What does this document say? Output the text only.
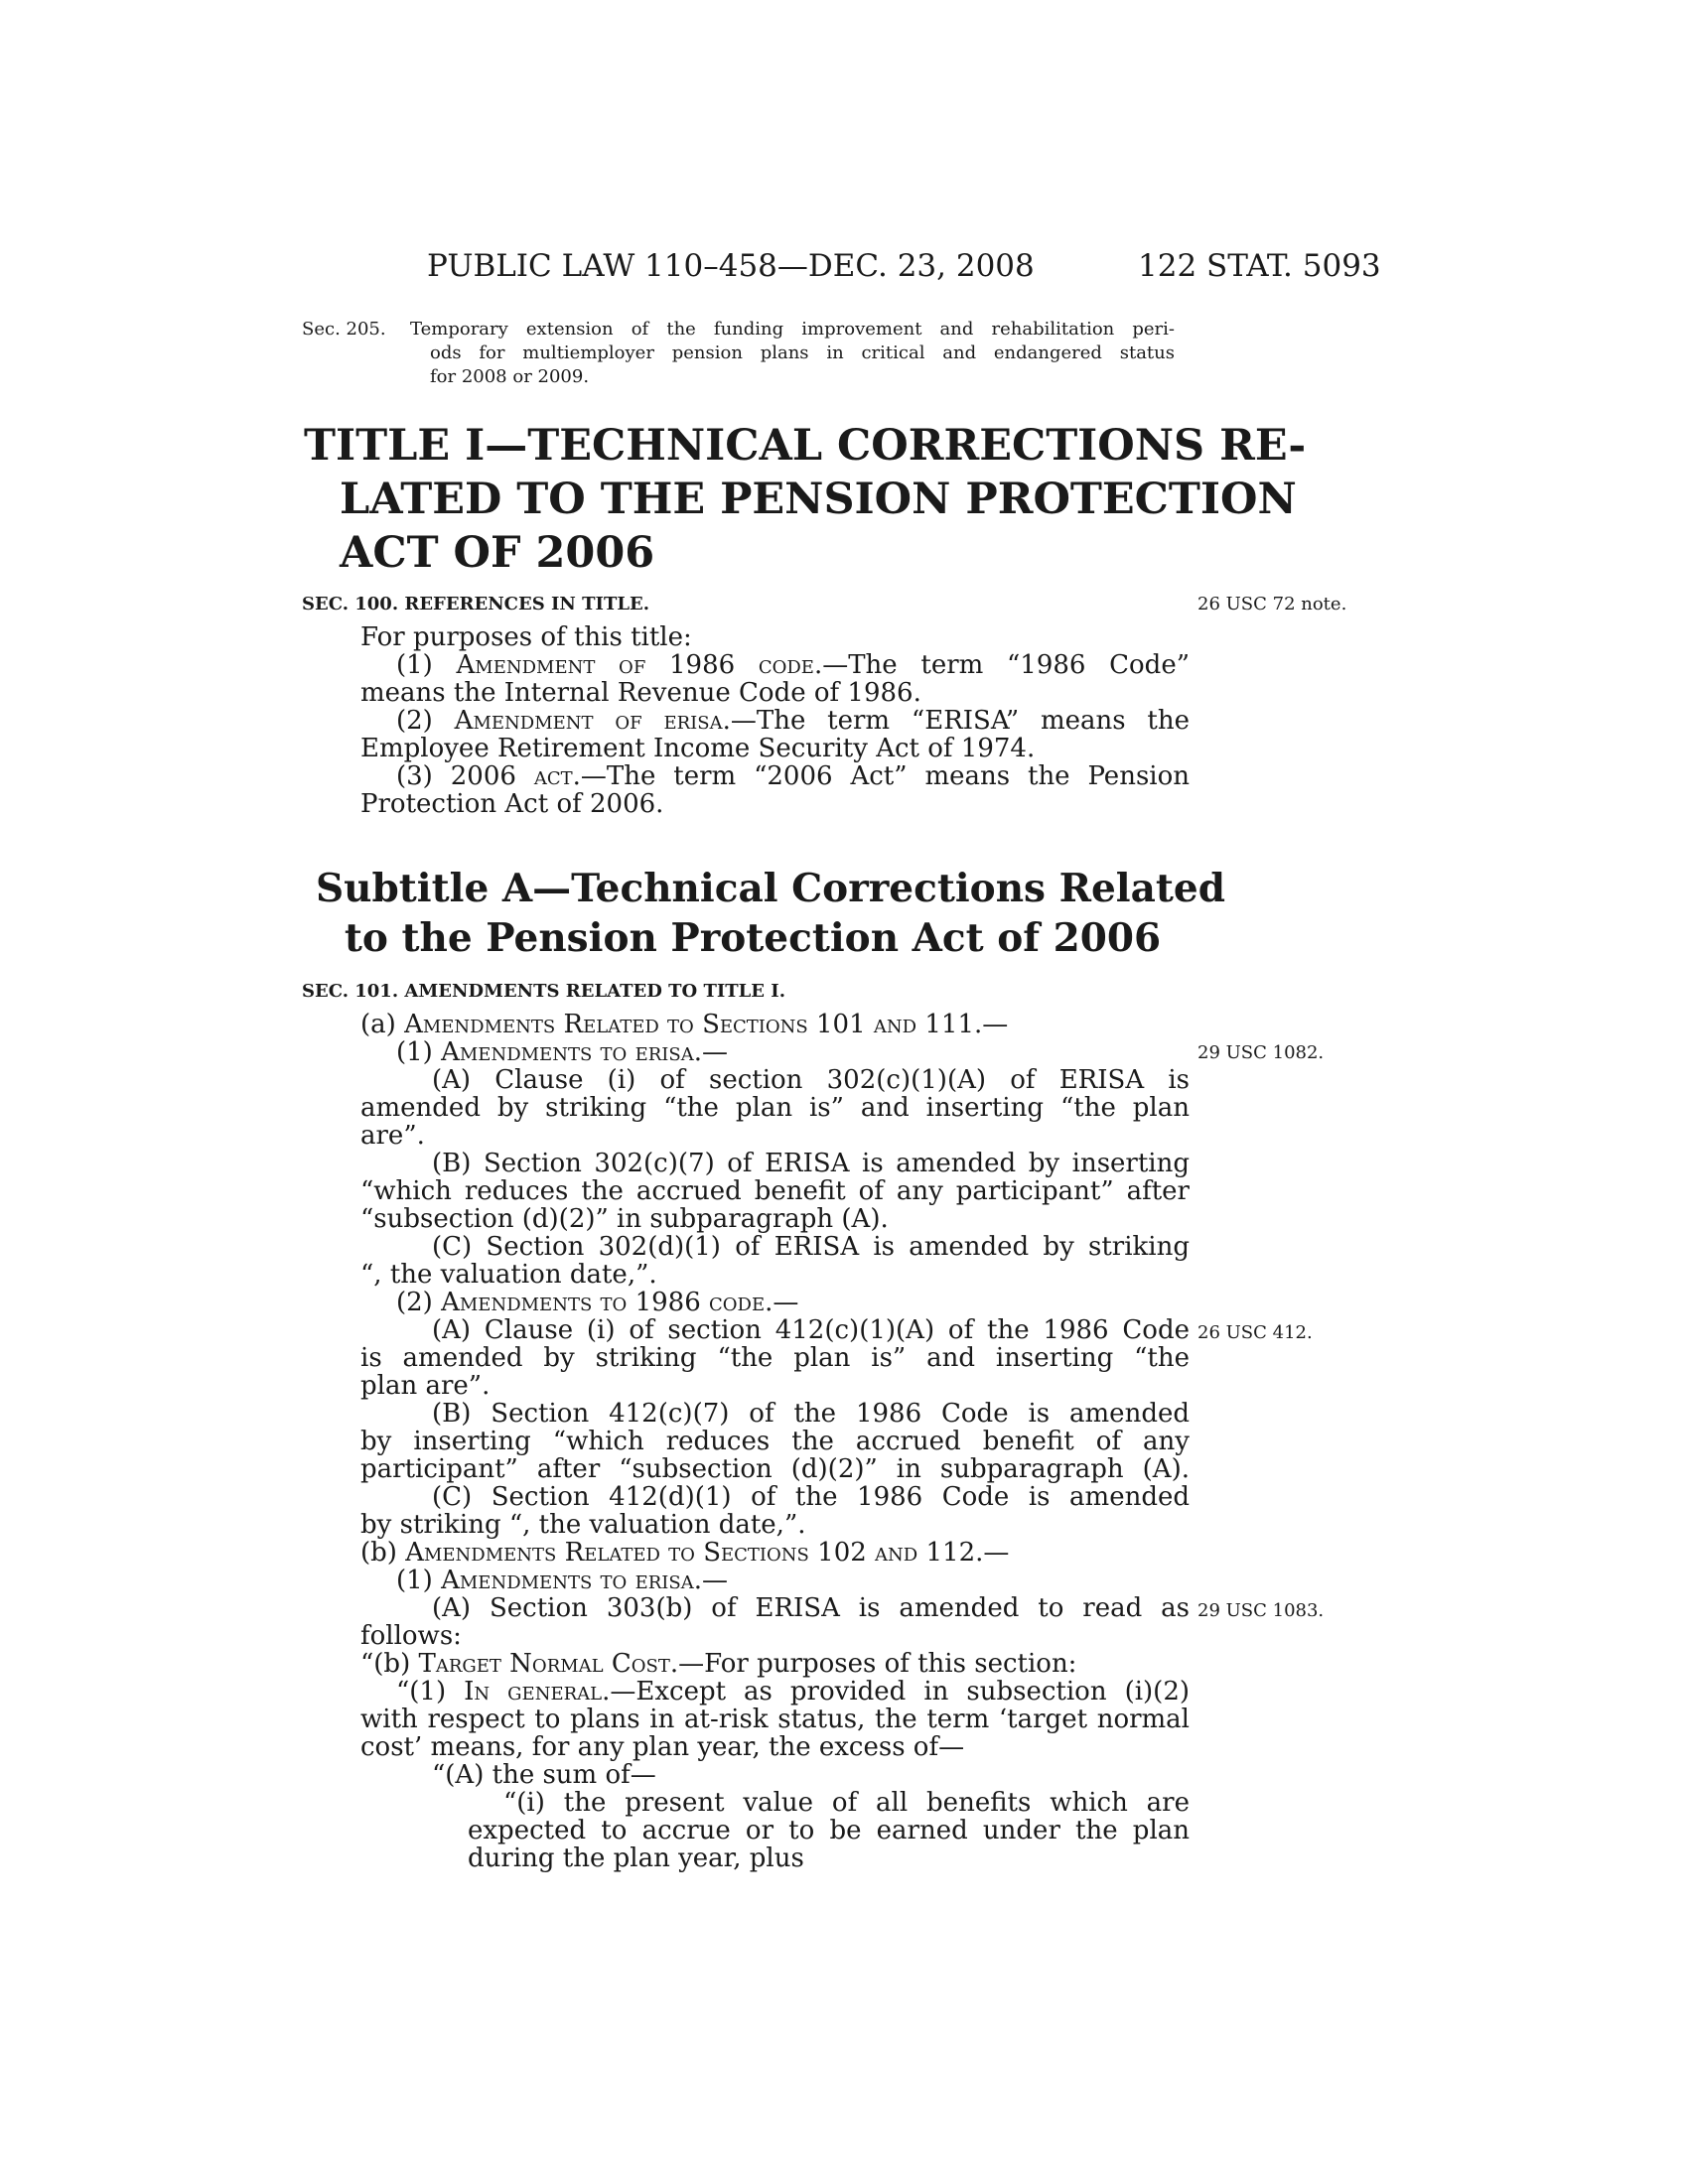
PUBLIC LAW 110–458—DEC. 23, 2008	122 STAT. 5093
Sec. 205. Temporary extension of the funding improvement and rehabilitation peri-
ods for multiemployer pension plans in critical and endangered status
for 2008 or 2009.
TITLE I—TECHNICAL CORRECTIONS RE-
LATED TO THE PENSION PROTECTION
ACT OF 2006
SEC. 100. REFERENCES IN TITLE.	26 USC 72 note.
For purposes of this title:
(1) Amendment of 1986 code.—The term “1986 Code”
means the Internal Revenue Code of 1986.
(2) Amendment of erisa.—The term “ERISA” means the
Employee Retirement Income Security Act of 1974.
(3) 2006 act.—The term “2006 Act” means the Pension
Protection Act of 2006.
Subtitle A—Technical Corrections Related
to the Pension Protection Act of 2006
SEC. 101. AMENDMENTS RELATED TO TITLE I.
29 USC 1082.
26 USC 412.
29 USC 1083.
(a) Amendments Related to Sections 101 and 111.—
(1) Amendments to erisa.—
(A) Clause (i) of section 302(c)(1)(A) of ERISA is
amended by striking “the plan is” and inserting “the plan
are”.
(B) Section 302(c)(7) of ERISA is amended by inserting
“which reduces the accrued benefit of any participant” after
“subsection (d)(2)” in subparagraph (A).
(C) Section 302(d)(1) of ERISA is amended by striking
“, the valuation date,”.
(2) Amendments to 1986 code.—
(A) Clause (i) of section 412(c)(1)(A) of the 1986 Code
is amended by striking “the plan is” and inserting “the
plan are”.
(B) Section 412(c)(7) of the 1986 Code is amended
by inserting “which reduces the accrued benefit of any
participant” after “subsection (d)(2)” in subparagraph (A).
(C) Section 412(d)(1) of the 1986 Code is amended
by striking “, the valuation date,”.
(b) Amendments Related to Sections 102 and 112.—
(1) Amendments to erisa.—
(A) Section 303(b) of ERISA is amended to read as
follows:
“(b) Target Normal Cost.—For purposes of this section:
“(1) In general.—Except as provided in subsection (i)(2)
with respect to plans in at-risk status, the term ‘target normal
cost’ means, for any plan year, the excess of—
“(A) the sum of—
“(i) the present value of all benefits which are
expected to accrue or to be earned under the plan
during the plan year, plus
